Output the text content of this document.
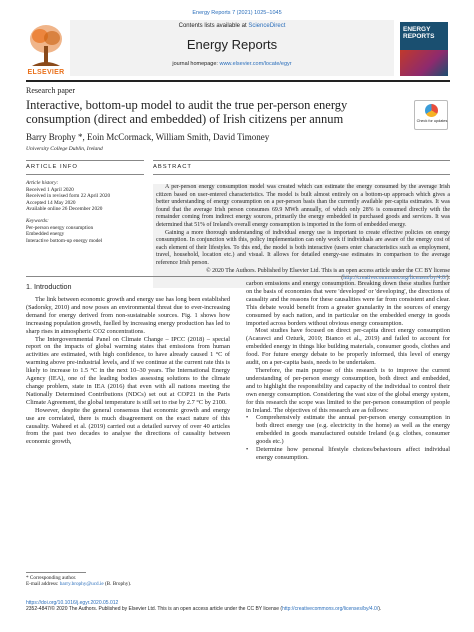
Energy Reports 7 (2021) 1025–1045
ELSEVIER
Contents lists available at ScienceDirect
Energy Reports
journal homepage: www.elsevier.com/locate/egyr
ENERGY REPORTS
Research paper
Interactive, bottom-up model to audit the true per-person energy consumption (direct and embedded) of Irish citizens per annum	Check for updates
Barry Brophy *, Eoin McCormack, William Smith, David Timoney
University College Dublin, Ireland
ARTICLE INFO
Article history:
Received 1 April 2020
Received in revised form 22 April 2020
Accepted 14 May 2020
Available online 26 December 2020
Keywords:
Per-person energy consumption
Embedded energy
Interactive bottom-up energy model
ABSTRACT

A per-person energy consumption model was created which can estimate the energy consumed by the average Irish citizen based on user-entered characteristics. The model is built almost entirely on a bottom-up approach which gives a better understanding of energy consumption on a per-person basis than the currently available per-capita estimates. It was found that the average Irish person consumes 69.9 MWh annually, of which only 28% is consumed directly with the remainder coming from indirect energy sources, primarily the energy embedded in purchased goods and services. It was determined that 51% of Ireland's overall energy consumption is imported in the form of embedded energy.

Gaining a more thorough understanding of individual energy use is important to create effective policies on energy consumption. In conjunction with this, policy implementation can only work if individuals are aware of the energy cost of each element of their lifestyles. To this end, the model is both interactive (users enter characteristics such as employment, travel, household, location etc.) and visual. It allows for detailed energy-use estimates in comparison to the average reference Irish person.

© 2020 The Authors. Published by Elsevier Ltd. This is an open access article under the CC BY license (http://creativecommons.org/licenses/by/4.0/).

1. Introduction

The link between economic growth and energy use has long been established (Sadorsky, 2010) and now poses an environmental threat due to ever-increasing demand for energy derived from non-sustainable sources. Fig. 1 shows how increasing population growth, fuelled by increasing energy production has led to sharp rises in atmospheric CO2 concentrations.

The Intergovernmental Panel on Climate Change – IPCC (2018) – special report on the impacts of global warming states that emissions from human activities are estimated, with high confidence, to have already caused 1 °C of warming above pre-industrial levels, and if we continue at the current rate this is likely to increase to 1.5 °C in the next 10–30 years. The International Energy Agency (IEA), one of the leading bodies assessing solutions to the climate change problem, state in IEA (2016) that even with all nations meeting the Nationally Determined Contributions (NDCs) set out at COP21 in the Paris Climate Agreement, the global temperature is still set to rise by 2.7 °C by 2100.

However, despite the general consensus that economic growth and energy use are correlated, there is much disagreement on the exact nature of this causality. Waheed et al. (2019) carried out a detailed survey of over 40 articles from the past two decades to analyse the directions of causality between economic growth,

carbon emissions and energy consumption. Breaking down these studies further on the basis of economies that were 'developed' or 'developing', the directions of causality and the reasons for these causalities were far from consistent and clear. This debate would benefit from a greater granularity in the sources of energy consumed by each nation, and in particular on the embedded energy in goods imported across borders without obvious energy consumption.

Most studies have focused on direct per-capita direct energy consumption (Acaravci and Ozturk, 2010; Bianco et al., 2019) and failed to account for embedded energy in things like building materials, consumer goods, clothes and food. For future energy debate to be properly informed, this level of energy audit, on a per-capita basis, needs to be undertaken.

Therefore, the main purpose of this research is to improve the current understanding of per-person energy consumption, both direct and embedded, and to highlight the responsibility and capacity of the individual to control their own energy consumption. Considering the vast size of the global energy system, for this research the scope was limited to the per-person consumption of people in Ireland. The objectives of this research are as follows:

• Comprehensively estimate the annual per-person energy consumption in both direct energy use (e.g. electricity in the home) as well as the energy embedded in goods manufactured outside Ireland (e.g. clothes, consumer goods etc.)
• Determine how personal lifestyle choices/behaviours affect individual energy consumption.
* Corresponding author.
E-mail address: barry.brophy@ucd.ie (B. Brophy).
https://doi.org/10.1016/j.egyr.2020.05.012
2352-4847/© 2020 The Authors. Published by Elsevier Ltd. This is an open access article under the CC BY license (http://creativecommons.org/licenses/by/4.0/).
